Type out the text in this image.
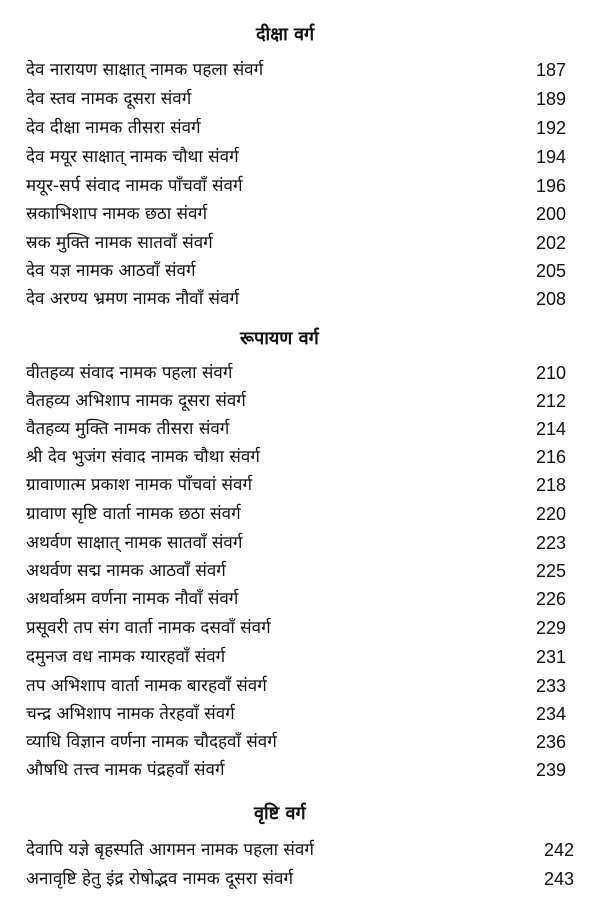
दीक्षा वर्ग
देव नारायण साक्षात् नामक पहला संवर्ग	187
देव स्तव नामक दूसरा संवर्ग	189
देव दीक्षा नामक तीसरा संवर्ग	192
देव मयूर साक्षात् नामक चौथा संवर्ग	194
मयूर-सर्प संवाद नामक पाँचवाँ संवर्ग	196
स्रकाभिशाप नामक छठा संवर्ग	200
स्रक मुक्ति नामक सातवाँ संवर्ग	202
देव यज्ञ नामक आठवाँ संवर्ग	205
देव अरण्य भ्रमण नामक नौवाँ संवर्ग	208
रूपायण वर्ग
वीतहव्य संवाद नामक पहला संवर्ग	210
वैतहव्य अभिशाप नामक दूसरा संवर्ग	212
वैतहव्य मुक्ति नामक तीसरा संवर्ग	214
श्री देव भुजंग संवाद नामक चौथा संवर्ग	216
ग्रावाणात्म प्रकाश नामक पाँचवां संवर्ग	218
ग्रावाण सृष्टि वार्ता नामक छठा संवर्ग	220
अथर्वण साक्षात् नामक सातवाँ संवर्ग	223
अथर्वण सद्म नामक आठवाँ संवर्ग	225
अथर्वाश्रम वर्णना नामक नौवाँ संवर्ग	226
प्रसूवरी तप संग वार्ता नामक दसवाँ संवर्ग	229
दमुनज वध नामक ग्यारहवाँ संवर्ग	231
तप अभिशाप वार्ता नामक बारहवाँ संवर्ग	233
चन्द्र अभिशाप नामक तेरहवाँ संवर्ग	234
व्याधि विज्ञान वर्णना नामक चौदहवाँ संवर्ग	236
औषधि तत्त्व नामक पंद्रहवाँ संवर्ग	239
वृष्टि वर्ग
देवापि यज्ञे बृहस्पति आगमन नामक पहला संवर्ग	242
अनावृष्टि हेतु इंद्र रोषोद्भव नामक दूसरा संवर्ग	243
